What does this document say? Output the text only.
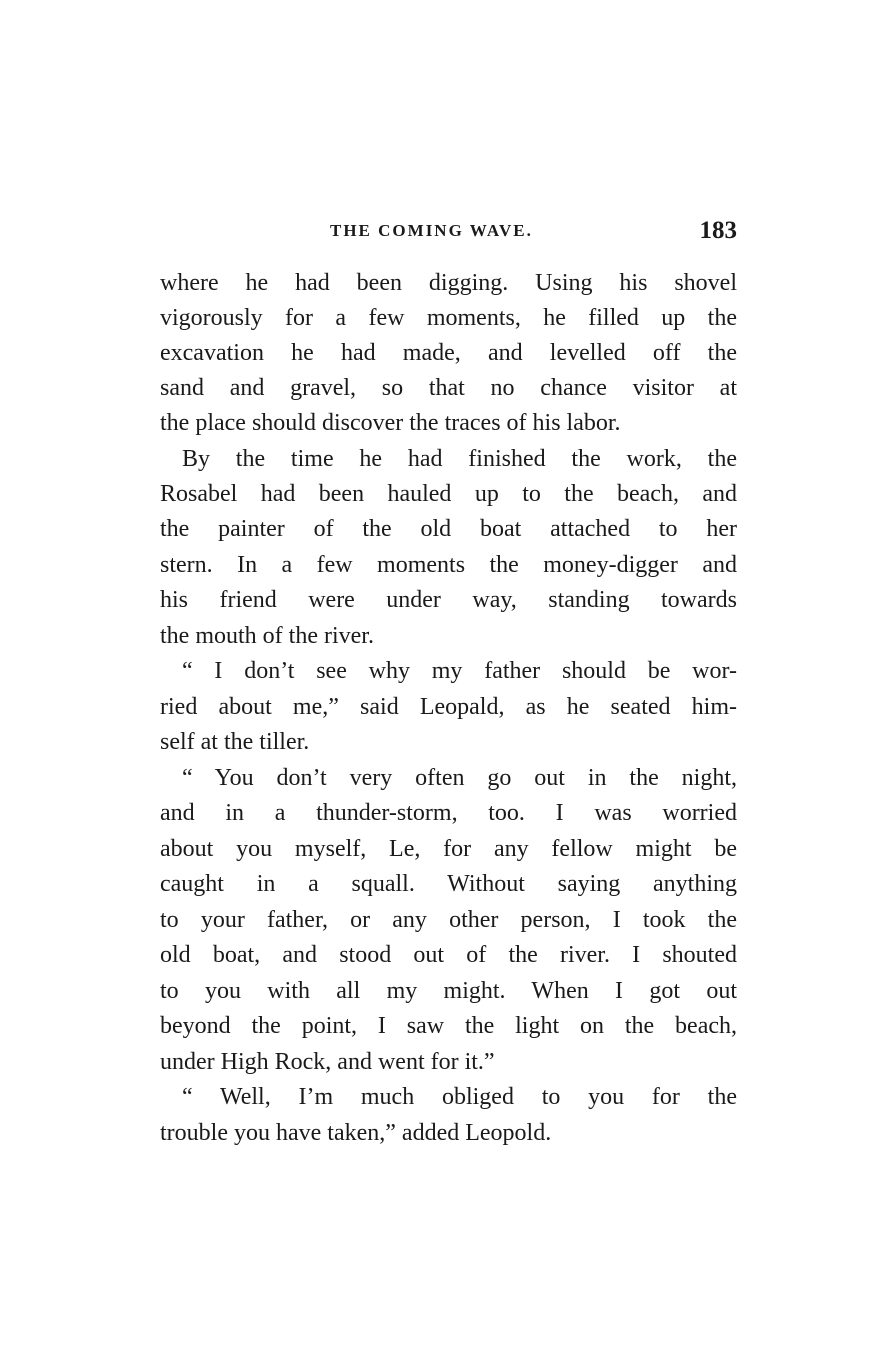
THE COMING WAVE.	183
where he had been digging. Using his shovel
vigorously for a few moments, he filled up the
excavation he had made, and levelled off the
sand and gravel, so that no chance visitor at
the place should discover the traces of his labor.
By the time he had finished the work, the
Rosabel had been hauled up to the beach, and
the painter of the old boat attached to her
stern. In a few moments the money-digger and
his friend were under way, standing towards
the mouth of the river.
“ I don’t see why my father should be wor-
ried about me,” said Leopald, as he seated him-
self at the tiller.
“ You don’t very often go out in the night,
and in a thunder-storm, too. I was worried
about you myself, Le, for any fellow might be
caught in a squall. Without saying anything
to your father, or any other person, I took the
old boat, and stood out of the river. I shouted
to you with all my might. When I got out
beyond the point, I saw the light on the beach,
under High Rock, and went for it.”
“ Well, I’m much obliged to you for the
trouble you have taken,” added Leopold.
